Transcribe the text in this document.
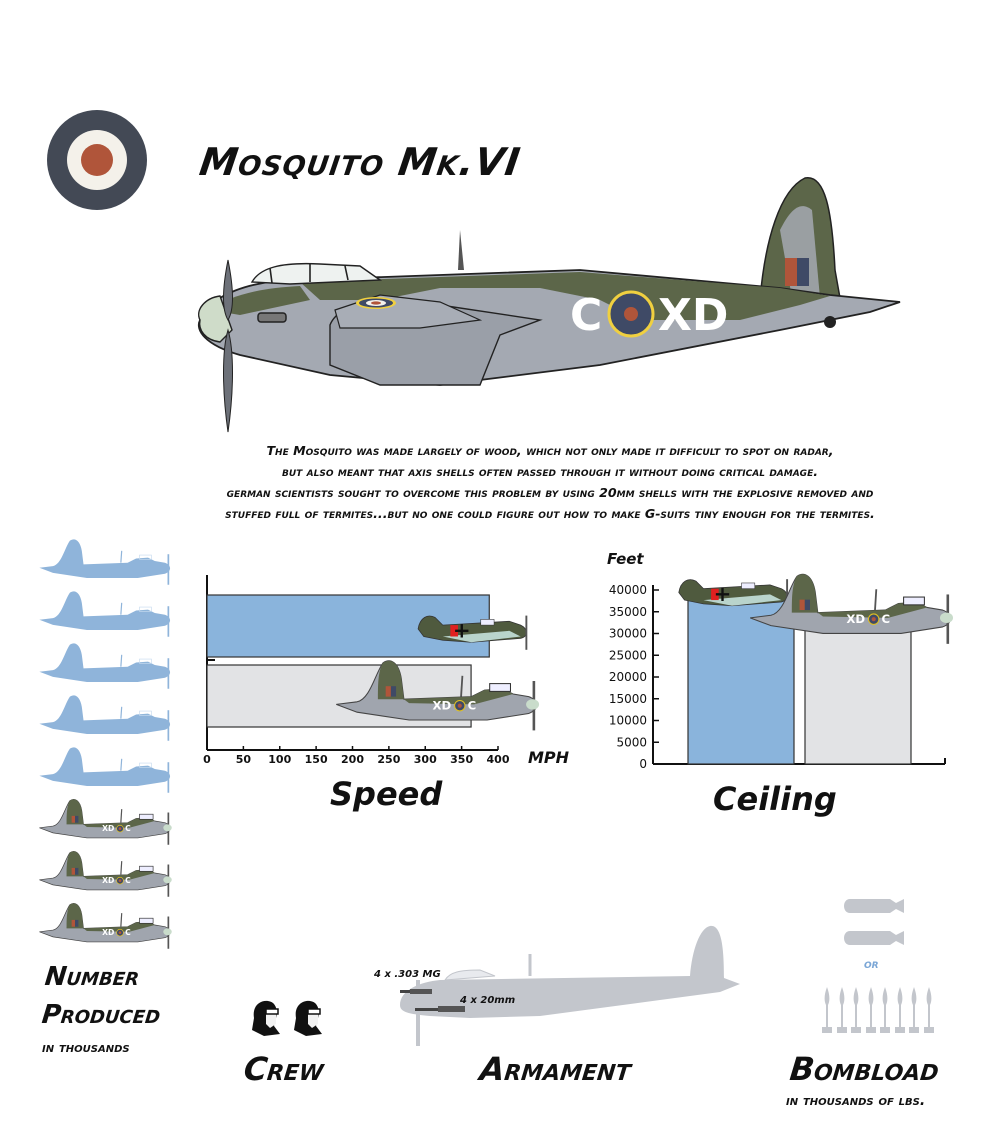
Mosquito Mk.VI
C XD
The Mosquito was made largely of wood, which not only made it difficult to spot on radar,
but also meant that axis shells often passed through it without doing critical damage.
german scientists sought to overcome this problem by using 20mm shells with the explosive removed and
stuffed full of termites...but no one could figure out how to make G-suits tiny enough for the termites.
Number
Produced
in thousands
0 50 100 150 200 250 300 350 400 MPH
Speed
Feet
0
5000
10000
15000
20000
25000
30000
35000
40000
Ceiling
Crew
4 x .303 MG
4 x 20mm
Armament
or
Bombload
in thousands of lbs.
